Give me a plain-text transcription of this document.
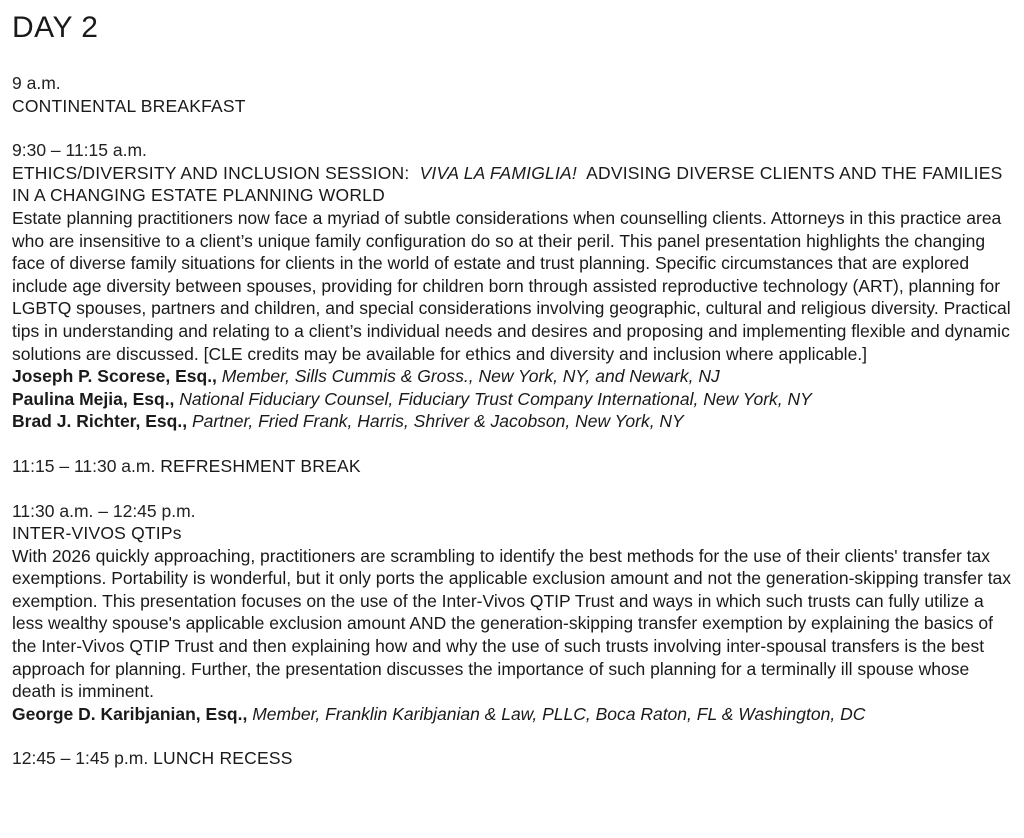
DAY 2
9 a.m.
CONTINENTAL BREAKFAST
9:30 – 11:15 a.m.
ETHICS/DIVERSITY AND INCLUSION SESSION: VIVA LA FAMIGLIA! ADVISING DIVERSE CLIENTS AND THE FAMILIES IN A CHANGING ESTATE PLANNING WORLD
Estate planning practitioners now face a myriad of subtle considerations when counselling clients. Attorneys in this practice area who are insensitive to a client’s unique family configuration do so at their peril. This panel presentation highlights the changing face of diverse family situations for clients in the world of estate and trust planning. Specific circumstances that are explored include age diversity between spouses, providing for children born through assisted reproductive technology (ART), planning for LGBTQ spouses, partners and children, and special considerations involving geographic, cultural and religious diversity. Practical tips in understanding and relating to a client’s individual needs and desires and proposing and implementing flexible and dynamic solutions are discussed. [CLE credits may be available for ethics and diversity and inclusion where applicable.]
Joseph P. Scorese, Esq., Member, Sills Cummis & Gross., New York, NY, and Newark, NJ
Paulina Mejia, Esq., National Fiduciary Counsel, Fiduciary Trust Company International, New York, NY
Brad J. Richter, Esq., Partner, Fried Frank, Harris, Shriver & Jacobson, New York, NY
11:15 – 11:30 a.m. REFRESHMENT BREAK
11:30 a.m. – 12:45 p.m.
INTER-VIVOS QTIPs
With 2026 quickly approaching, practitioners are scrambling to identify the best methods for the use of their clients' transfer tax exemptions. Portability is wonderful, but it only ports the applicable exclusion amount and not the generation-skipping transfer tax exemption. This presentation focuses on the use of the Inter-Vivos QTIP Trust and ways in which such trusts can fully utilize a less wealthy spouse's applicable exclusion amount AND the generation-skipping transfer exemption by explaining the basics of the Inter-Vivos QTIP Trust and then explaining how and why the use of such trusts involving inter-spousal transfers is the best approach for planning. Further, the presentation discusses the importance of such planning for a terminally ill spouse whose death is imminent.
George D. Karibjanian, Esq., Member, Franklin Karibjanian & Law, PLLC, Boca Raton, FL & Washington, DC
12:45 – 1:45 p.m. LUNCH RECESS
